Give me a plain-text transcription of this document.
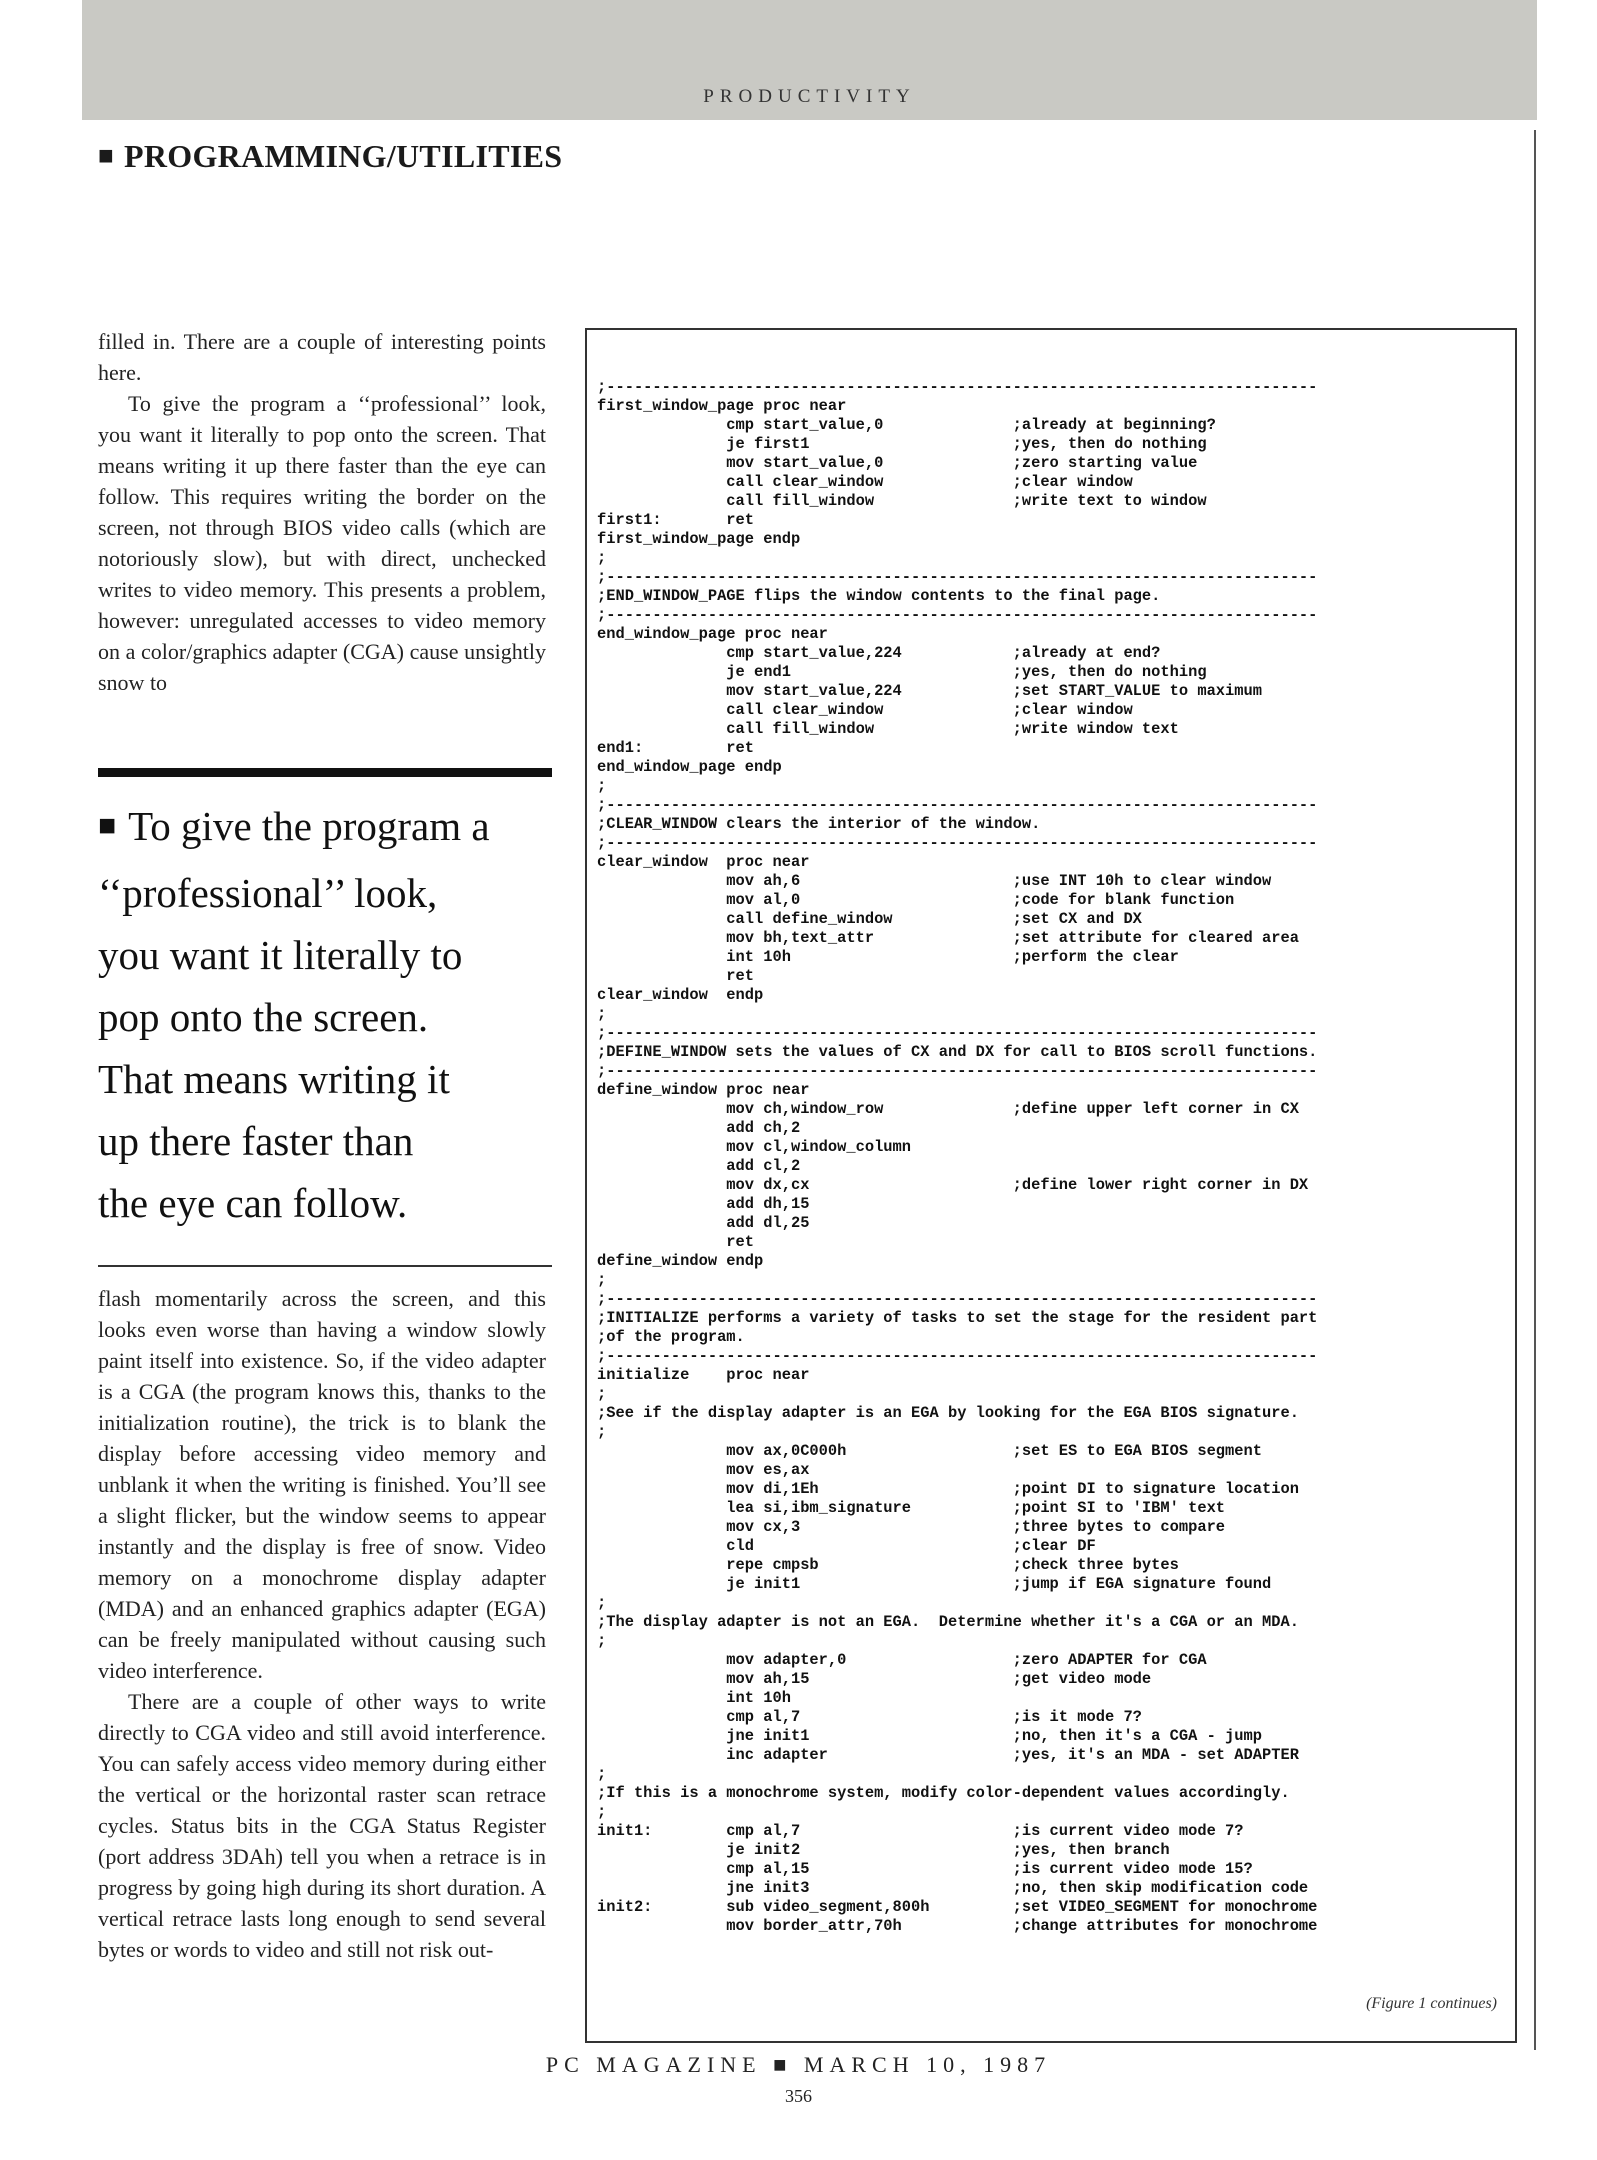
PRODUCTIVITY
■ PROGRAMMING/UTILITIES

filled in. There are a couple of interesting points here.

To give the program a ‘‘professional’’ look, you want it literally to pop onto the screen. That means writing it up there faster than the eye can follow. This requires writing the border on the screen, not through BIOS video calls (which are notoriously slow), but with direct, unchecked writes to video memory. This presents a problem, however: unregulated accesses to video memory on a color/graphics adapter (CGA) cause unsightly snow to

■ To give the program a
‘‘professional’’ look,
you want it literally to
pop onto the screen.
That means writing it
up there faster than
the eye can follow.

flash momentarily across the screen, and this looks even worse than having a window slowly paint itself into existence. So, if the video adapter is a CGA (the program knows this, thanks to the initialization routine), the trick is to blank the display before accessing video memory and unblank it when the writing is finished. You’ll see a slight flicker, but the window seems to appear instantly and the display is free of snow. Video memory on a monochrome display adapter (MDA) and an enhanced graphics adapter (EGA) can be freely manipulated without causing such video interference.

There are a couple of other ways to write directly to CGA video and still avoid interference. You can safely access video memory during either the vertical or the horizontal raster scan retrace cycles. Status bits in the CGA Status Register (port address 3DAh) tell you when a retrace is in progress by going high during its short duration. A vertical retrace lasts long enough to send several bytes or words to video and still not risk out-

;-----------------------------------------------------------------------------
first_window_page proc near
cmp start_value,0              ;already at beginning?
je first1                      ;yes, then do nothing
mov start_value,0              ;zero starting value
call clear_window              ;clear window
call fill_window               ;write text to window
first1:       ret
first_window_page endp
;
;-----------------------------------------------------------------------------
;END_WINDOW_PAGE flips the window contents to the final page.
;-----------------------------------------------------------------------------
end_window_page proc near
cmp start_value,224            ;already at end?
je end1                        ;yes, then do nothing
mov start_value,224            ;set START_VALUE to maximum
call clear_window              ;clear window
call fill_window               ;write window text
end1:         ret
end_window_page endp
;
;-----------------------------------------------------------------------------
;CLEAR_WINDOW clears the interior of the window.
;-----------------------------------------------------------------------------
clear_window  proc near
mov ah,6                       ;use INT 10h to clear window
mov al,0                       ;code for blank function
call define_window             ;set CX and DX
mov bh,text_attr               ;set attribute for cleared area
int 10h                        ;perform the clear
ret
clear_window  endp
;
;-----------------------------------------------------------------------------
;DEFINE_WINDOW sets the values of CX and DX for call to BIOS scroll functions.
;-----------------------------------------------------------------------------
define_window proc near
mov ch,window_row              ;define upper left corner in CX
add ch,2
mov cl,window_column
add cl,2
mov dx,cx                      ;define lower right corner in DX
add dh,15
add dl,25
ret
define_window endp
;
;-----------------------------------------------------------------------------
;INITIALIZE performs a variety of tasks to set the stage for the resident part
;of the program.
;-----------------------------------------------------------------------------
initialize    proc near
;
;See if the display adapter is an EGA by looking for the EGA BIOS signature.
;
mov ax,0C000h                  ;set ES to EGA BIOS segment
mov es,ax
mov di,1Eh                     ;point DI to signature location
lea si,ibm_signature           ;point SI to 'IBM' text
mov cx,3                       ;three bytes to compare
cld                            ;clear DF
repe cmpsb                     ;check three bytes
je init1                       ;jump if EGA signature found
;
;The display adapter is not an EGA.  Determine whether it's a CGA or an MDA.
;
mov adapter,0                  ;zero ADAPTER for CGA
mov ah,15                      ;get video mode
int 10h
cmp al,7                       ;is it mode 7?
jne init1                      ;no, then it's a CGA - jump
inc adapter                    ;yes, it's an MDA - set ADAPTER
;
;If this is a monochrome system, modify color-dependent values accordingly.
;
init1:        cmp al,7                       ;is current video mode 7?
je init2                       ;yes, then branch
cmp al,15                      ;is current video mode 15?
jne init3                      ;no, then skip modification code
init2:        sub video_segment,800h         ;set VIDEO_SEGMENT for monochrome
mov border_attr,70h            ;change attributes for monochrome
(Figure 1 continues)
PC MAGAZINE ■ MARCH 10, 1987
356
